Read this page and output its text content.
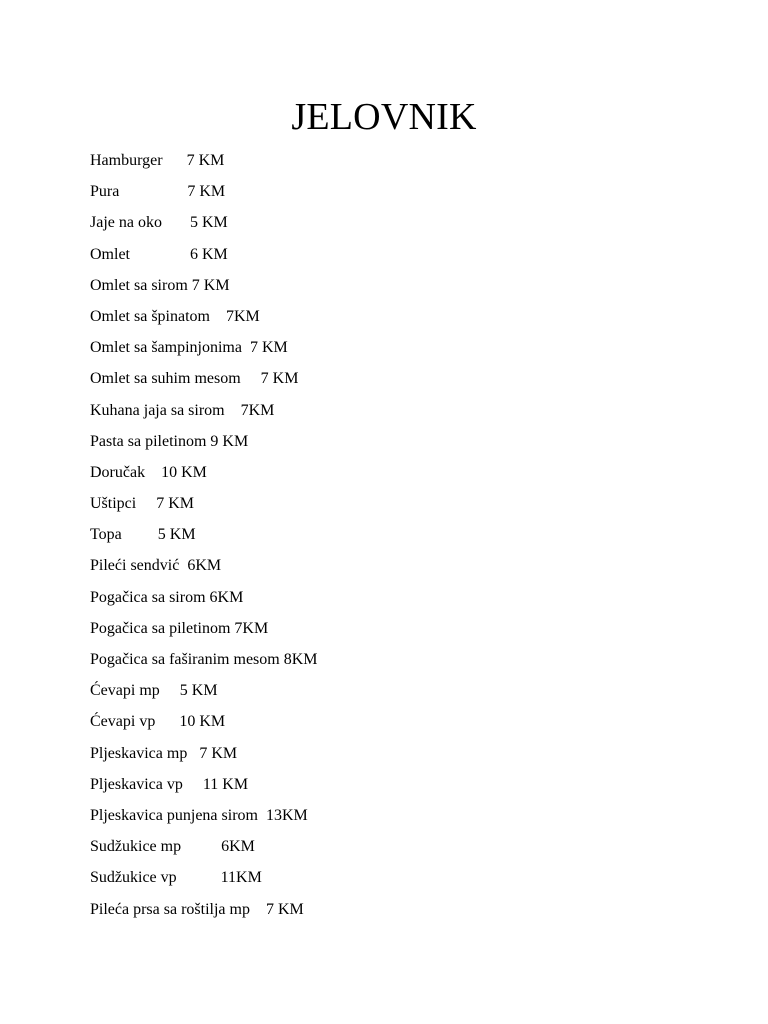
JELOVNIK
Hamburger      7 KM
Pura                 7 KM
Jaje na oko       5 KM
Omlet               6 KM
Omlet sa sirom 7 KM
Omlet sa špinatom    7KM
Omlet sa šampinjonima  7 KM
Omlet sa suhim mesom     7 KM
Kuhana jaja sa sirom    7KM
Pasta sa piletinom 9 KM
Doručak    10 KM
Uštipci     7 KM
Topa         5 KM
Pileći sendvić  6KM
Pogačica sa sirom 6KM
Pogačica sa piletinom 7KM
Pogačica sa faširanim mesom 8KM
Ćevapi mp     5 KM
Ćevapi vp      10 KM
Pljeskavica mp   7 KM
Pljeskavica vp     11 KM
Pljeskavica punjena sirom  13KM
Sudžukice mp          6KM
Sudžukice vp           11KM
Pileća prsa sa roštilja mp    7 KM
